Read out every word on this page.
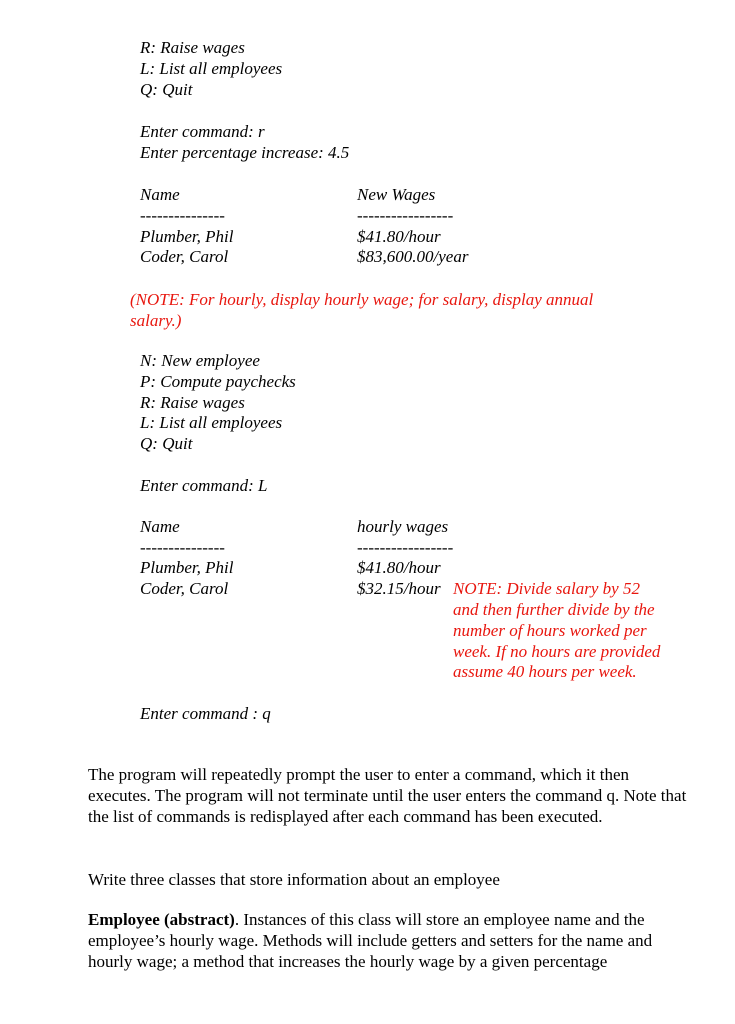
R: Raise wages
L: List all employees
Q: Quit
Enter command: r
Enter percentage increase: 4.5
Name	New Wages
---------------	-----------------
Plumber, Phil	$41.80/hour
Coder, Carol	$83,600.00/year
(NOTE: For hourly, display hourly wage; for salary, display annual
salary.)
N: New employee
P: Compute paychecks
R: Raise wages
L: List all employees
Q: Quit
Enter command: L
Name	hourly wages
---------------	-----------------
Plumber, Phil	$41.80/hour
Coder, Carol	$32.15/hour NOTE: Divide salary by 52
and then further divide by the
number of hours worked per
week. If no hours are provided
assume 40 hours per week.
Enter command : q
The program will repeatedly prompt the user to enter a command, which it then executes. The program will not terminate until the user enters the command q. Note that the list of commands is redisplayed after each command has been executed.
Write three classes that store information about an employee
Employee (abstract). Instances of this class will store an employee name and the employee’s hourly wage. Methods will include getters and setters for the name and hourly wage; a method that increases the hourly wage by a given percentage
